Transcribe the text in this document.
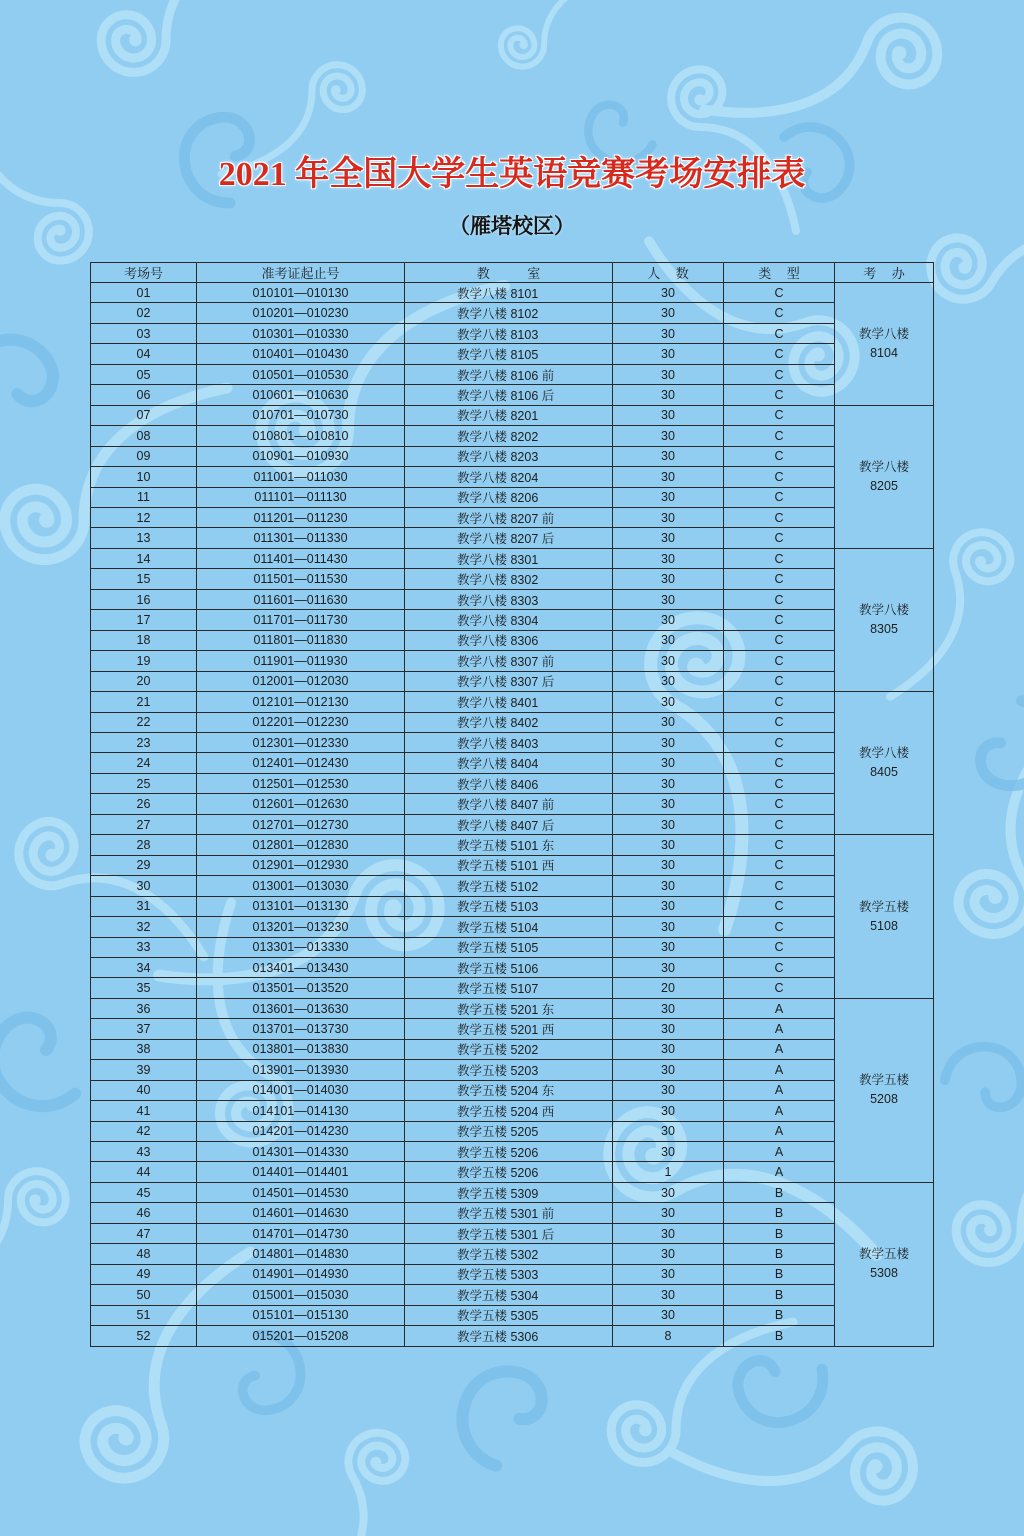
2021 年全国大学生英语竞赛考场安排表
（雁塔校区）
考场号	准考证起止号	教 室	人 数	类 型	考 办
01	010101—010130	教学八楼 8101	30	C	教学八楼
8104

02	010201—010230	教学八楼 8102	30	C	
03	010301—010330	教学八楼 8103	30	C	
04	010401—010430	教学八楼 8105	30	C	
05	010501—010530	教学八楼 8106 前	30	C	
06	010601—010630	教学八楼 8106 后	30	C	
07	010701—010730	教学八楼 8201	30	C	教学八楼
8205

08	010801—010810	教学八楼 8202	30	C	
09	010901—010930	教学八楼 8203	30	C	
10	011001—011030	教学八楼 8204	30	C	
11	011101—011130	教学八楼 8206	30	C	
12	011201—011230	教学八楼 8207 前	30	C	
13	011301—011330	教学八楼 8207 后	30	C	
14	011401—011430	教学八楼 8301	30	C	教学八楼
8305

15	011501—011530	教学八楼 8302	30	C	
16	011601—011630	教学八楼 8303	30	C	
17	011701—011730	教学八楼 8304	30	C	
18	011801—011830	教学八楼 8306	30	C	
19	011901—011930	教学八楼 8307 前	30	C	
20	012001—012030	教学八楼 8307 后	30	C	
21	012101—012130	教学八楼 8401	30	C	教学八楼
8405

22	012201—012230	教学八楼 8402	30	C	
23	012301—012330	教学八楼 8403	30	C	
24	012401—012430	教学八楼 8404	30	C	
25	012501—012530	教学八楼 8406	30	C	
26	012601—012630	教学八楼 8407 前	30	C	
27	012701—012730	教学八楼 8407 后	30	C	
28	012801—012830	教学五楼 5101 东	30	C	教学五楼
5108

29	012901—012930	教学五楼 5101 西	30	C	
30	013001—013030	教学五楼 5102	30	C	
31	013101—013130	教学五楼 5103	30	C	
32	013201—013230	教学五楼 5104	30	C	
33	013301—013330	教学五楼 5105	30	C	
34	013401—013430	教学五楼 5106	30	C	
35	013501—013520	教学五楼 5107	20	C	
36	013601—013630	教学五楼 5201 东	30	A	教学五楼
5208

37	013701—013730	教学五楼 5201 西	30	A	
38	013801—013830	教学五楼 5202	30	A	
39	013901—013930	教学五楼 5203	30	A	
40	014001—014030	教学五楼 5204 东	30	A	
41	014101—014130	教学五楼 5204 西	30	A	
42	014201—014230	教学五楼 5205	30	A	
43	014301—014330	教学五楼 5206	30	A	
44	014401—014401	教学五楼 5206	1	A	
45	014501—014530	教学五楼 5309	30	B	教学五楼
5308

46	014601—014630	教学五楼 5301 前	30	B	
47	014701—014730	教学五楼 5301 后	30	B	
48	014801—014830	教学五楼 5302	30	B	
49	014901—014930	教学五楼 5303	30	B	
50	015001—015030	教学五楼 5304	30	B	
51	015101—015130	教学五楼 5305	30	B	
52	015201—015208	教学五楼 5306	8	B	
